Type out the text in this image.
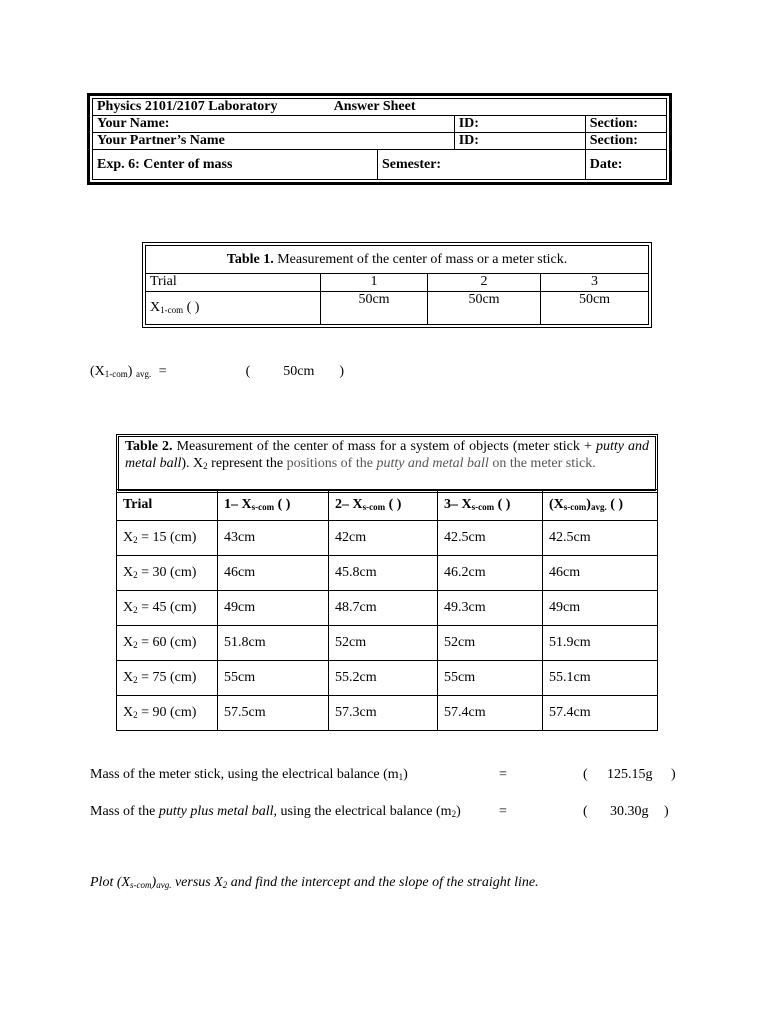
Physics 2101/2107 Laboratory Answer Sheet			
Your Name:		ID:	Section:
Your Partner’s Name		ID:	Section:
Exp. 6: Center of mass	Semester:		Date:
Table 1. Measurement of the center of mass or a meter stick.			
Trial	1	2	3
$X_{1-com}$ ( )	50cm	50cm	50cm
$(X_{1-com}) _{avg.}$ =	( 50cm )
Table 2. Measurement of the center of mass for a system of objects (meter stick + putty and metal ball). $X_2$ represent the positions of the putty and metal ball on the meter stick.
Trial	1– $X_{s-com}$ ( )	2– $X_{s-com}$ ( )	3– $X_{s-com}$ ( )	$(X_{s-com})_{avg.}$ ( )
$X_2 = 15$ (cm)	43cm	42cm	42.5cm	42.5cm
$X_2 = 30$ (cm)	46cm	45.8cm	46.2cm	46cm
$X_2 = 45$ (cm)	49cm	48.7cm	49.3cm	49cm
$X_2 = 60$ (cm)	51.8cm	52cm	52cm	51.9cm
$X_2 = 75$ (cm)	55cm	55.2cm	55cm	55.1cm
$X_2 = 90$ (cm)	57.5cm	57.3cm	57.4cm	57.4cm
Mass of the meter stick, using the electrical balance $(m_1)$	=	( 125.15g )
Mass of the putty plus metal ball, using the electrical balance $(m_2)$	=	( 30.30g )
Plot $(X_{s-com})_{avg.}$ versus $X_2$ and find the intercept and the slope of the straight line.
